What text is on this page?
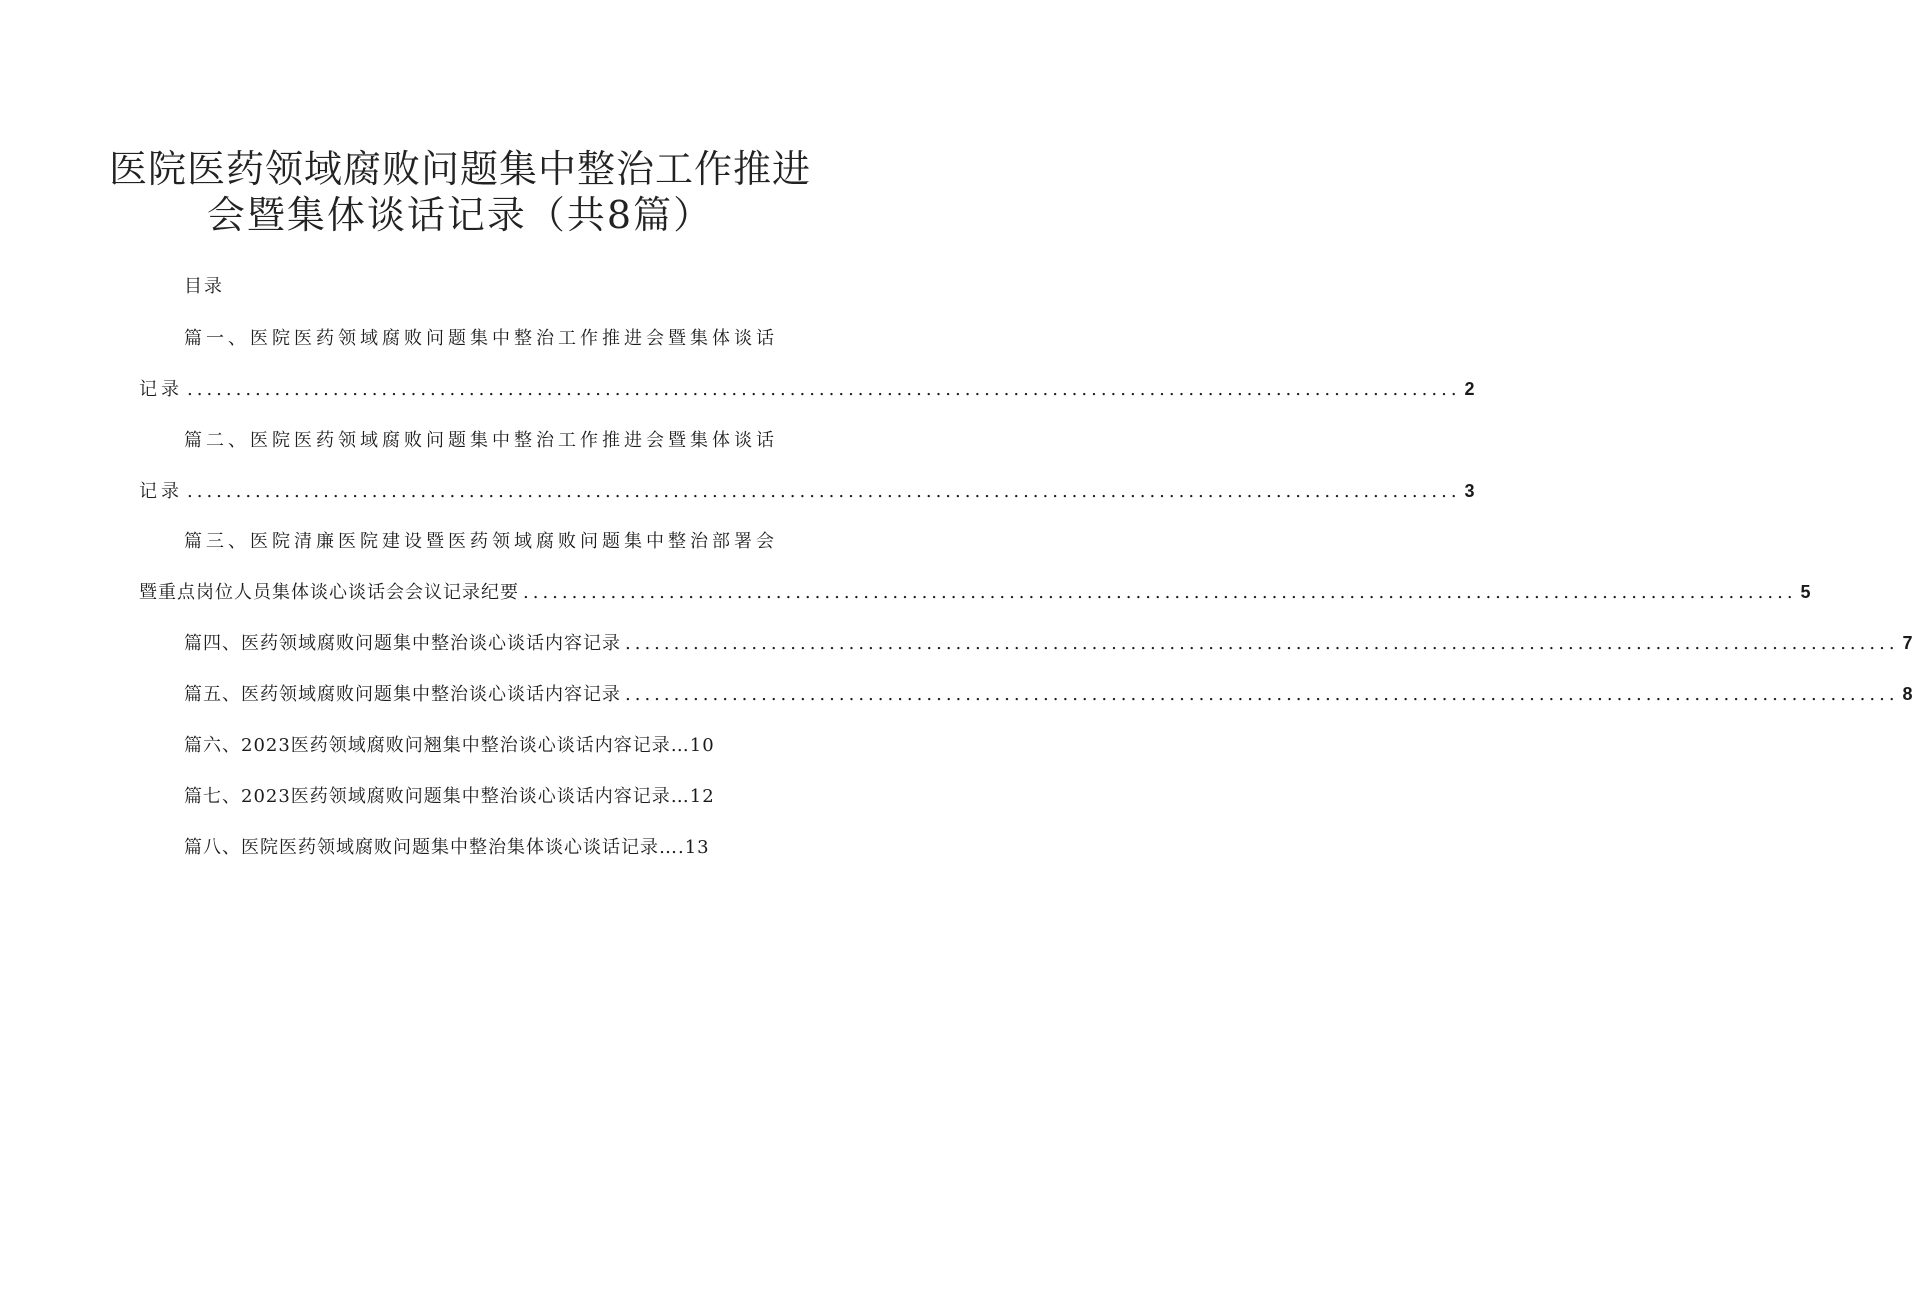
医院医药领域腐败问题集中整治工作推进
会暨集体谈话记录（共8篇）
目录
篇一、医院医药领域腐败问题集中整治工作推进会暨集体谈话
记录 ................................................................................................................................... 2
篇二、医院医药领域腐败问题集中整治工作推进会暨集体谈话
记录 ................................................................................................................................... 3
篇三、医院清廉医院建设暨医药领域腐败问题集中整治部署会
暨重点岗位人员集体谈心谈话会会议记录纪要 ................................................................................................................................... 5
篇四、医药领域腐败问题集中整治谈心谈话内容记录 ................................................................................................................................... 7
篇五、医药领域腐败问题集中整治谈心谈话内容记录 ................................................................................................................................... 8
篇六、2023医药领域腐败问翘集中整治谈心谈话内容记录…10
篇七、2023医药领域腐败问题集中整治谈心谈话内容记录…12
篇八、医院医药领域腐败问题集中整治集体谈心谈话记录….13
